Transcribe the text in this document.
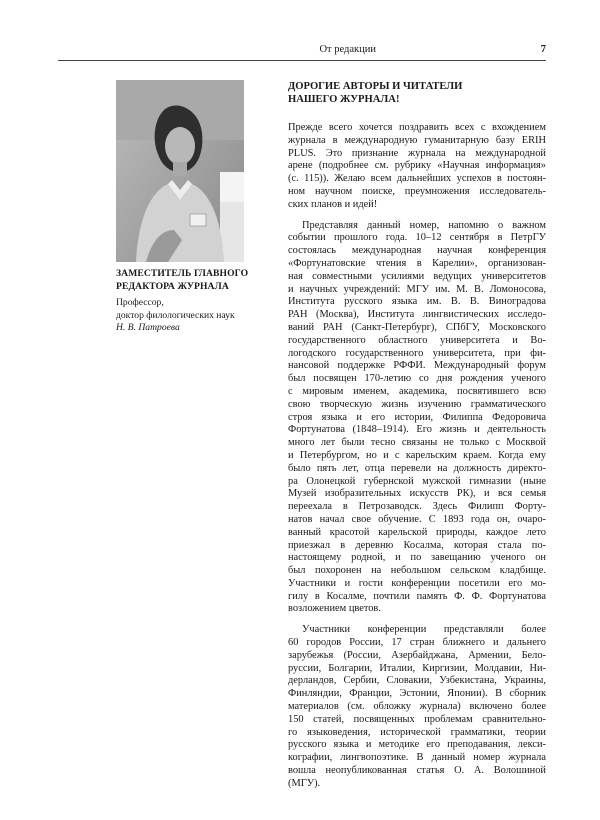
От редакции	7
ЗАМЕСТИТЕЛЬ ГЛАВНОГО
РЕДАКТОРА ЖУРНАЛА
Профессор,
доктор филологических наук
Н. В. Патроева
ДОРОГИЕ АВТОРЫ И ЧИТАТЕЛИ
НАШЕГО ЖУРНАЛА!

Прежде всего хочется поздравить всех с вхождением
журнала в международную гуманитарную базу ERIH
PLUS. Это признание журнала на международной
арене (подробнее см. рубрику «Научная информация»
(с. 115)). Желаю всем дальнейших успехов в постоян-
ном научном поиске, преумножения исследователь-
ских планов и идей!

Представляя данный номер, напомню о важном
событии прошлого года. 10–12 сентября в ПетрГУ
состоялась международная научная конференция
«Фортунатовские чтения в Карелии», организован-
ная совместными усилиями ведущих университетов
и научных учреждений: МГУ им. М. В. Ломоносова,
Института русского языка им. В. В. Виноградова
РАН (Москва), Института лингвистических исследо-
ваний РАН (Санкт-Петербург), СПбГУ, Московского
государственного областного университета и Во-
логодского государственного университета, при фи-
нансовой поддержке РФФИ. Международный форум
был посвящен 170-летию со дня рождения ученого
с мировым именем, академика, посвятившего всю
свою творческую жизнь изучению грамматического
строя языка и его истории, Филиппа Федоровича
Фортунатова (1848–1914). Его жизнь и деятельность
много лет были тесно связаны не только с Москвой
и Петербургом, но и с карельским краем. Когда ему
было пять лет, отца перевели на должность директо-
ра Олонецкой губернской мужской гимназии (ныне
Музей изобразительных искусств РК), и вся семья
переехала в Петрозаводск. Здесь Филипп Форту-
натов начал свое обучение. С 1893 года он, очаро-
ванный красотой карельской природы, каждое лето
приезжал в деревню Косалма, которая стала по-
настоящему родной, и по завещанию ученого он
был похоронен на небольшом сельском кладбище.
Участники и гости конференции посетили его мо-
гилу в Косалме, почтили память Ф. Ф. Фортунатова
возложением цветов.

Участники конференции представляли более
60 городов России, 17 стран ближнего и дальнего
зарубежья (России, Азербайджана, Армении, Бело-
руссии, Болгарии, Италии, Киргизии, Молдавии, Ни-
дерландов, Сербии, Словакии, Узбекистана, Украины,
Финляндии, Франции, Эстонии, Японии). В сборник
материалов (см. обложку журнала) включено более
150 статей, посвященных проблемам сравнительно-
го языковедения, исторической грамматики, теории
русского языка и методике его преподавания, лекси-
кографии, лингвопоэтике. В данный номер журнала
вошла неопубликованная статья О. А. Волошиной
(МГУ).
